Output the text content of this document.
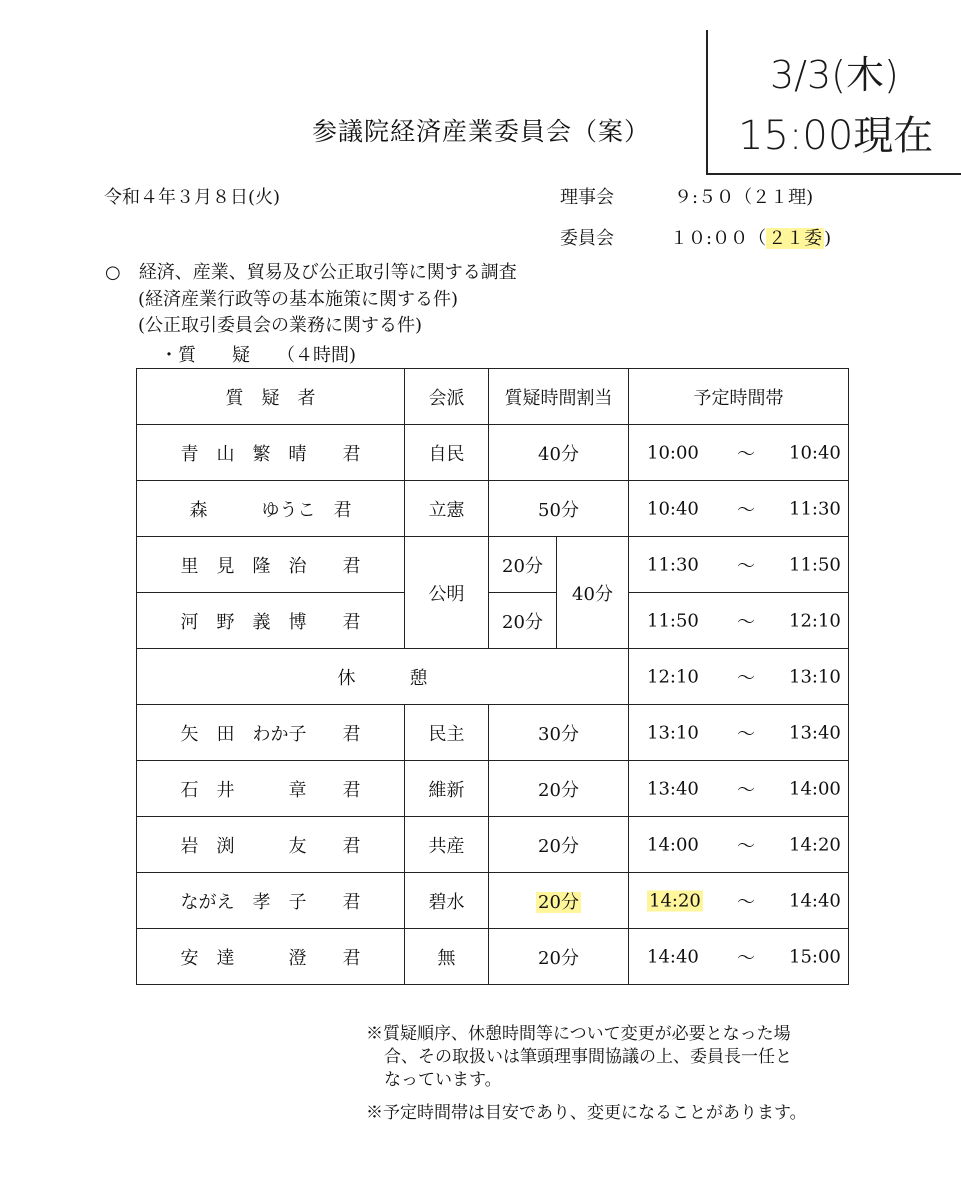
3/3(木)
15:00現在
参議院経済産業委員会（案）
令和４年３月８日(火)	理事会	９:５０（２１理)
委員会	１０:００（ ２１委 )
○　経済、産業、貿易及び公正取引等に関する調査
(経済産業行政等の基本施策に関する件)
(公正取引委員会の業務に関する件)
・質　　疑　　（４時間)
質　疑　者	会派	質疑時間割当		予定時間帯
青　山　繁　晴　　君	自民	40分		10:00 ～ 10:40

森　　　ゆうこ　君	立憲	50分		10:40 ～ 11:30

里　見　隆　治　　君	公明	20分	40分	11:30 ～ 11:50

河　野　義　博　　君		20分		11:50 ～ 12:10

休　　　憩				12:10 ～ 13:10

矢　田　わか子　　君	民主	30分		13:10 ～ 13:40

石　井　　　章　　君	維新	20分		13:40 ～ 14:00

岩　渕　　　友　　君	共産	20分		14:00 ～ 14:20

ながえ　孝　子　　君	碧水	20分		14:20 ～ 14:40

安　達　　　澄　　君	無	20分		14:40 ～ 15:00
※質疑順序、休憩時間等について変更が必要となった場
合、その取扱いは筆頭理事間協議の上、委員長一任と
なっています。
※予定時間帯は目安であり、変更になることがあります。
